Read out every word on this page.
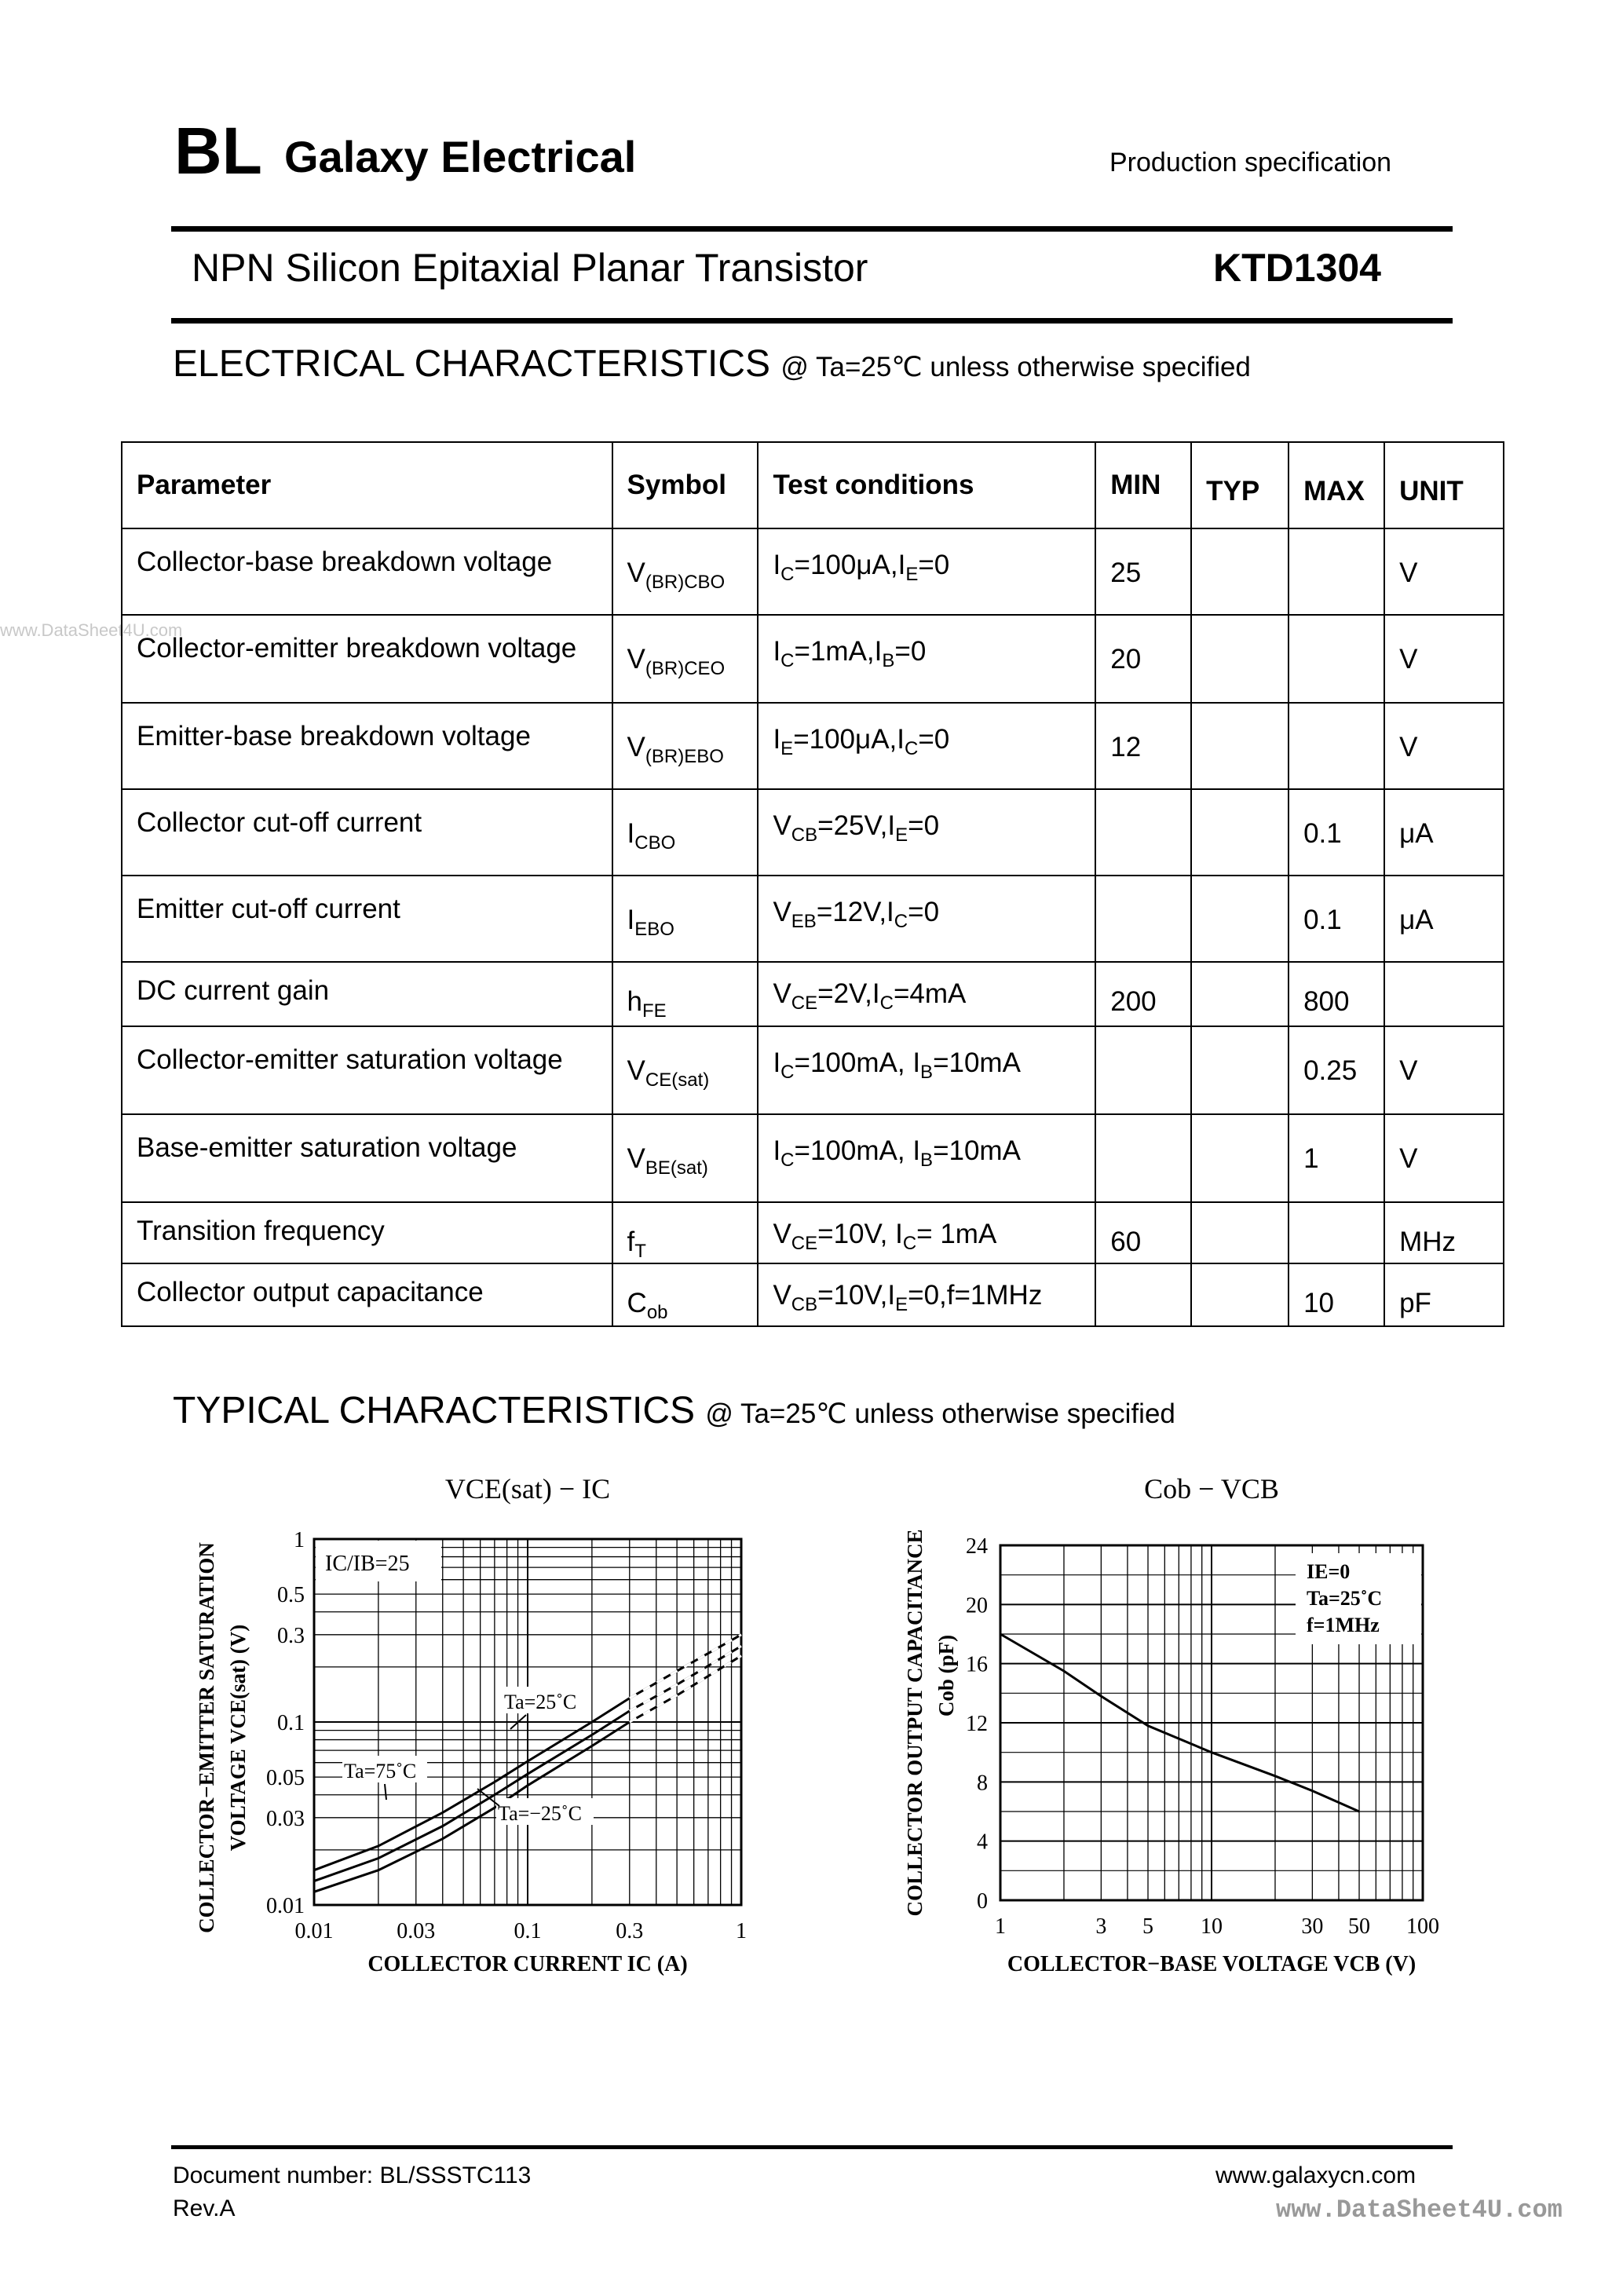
BL Galaxy Electrical	Production specification
NPN Silicon Epitaxial Planar Transistor	KTD1304
ELECTRICAL CHARACTERISTICS @ Ta=25℃ unless otherwise specified
www.DataSheet4U.com
Parameter	Symbol	Test conditions	MIN	TYP	MAX	UNIT
Collector-base breakdown voltage	$V_{(BR)CBO}$	$I_C=100\mu A,I_E=0$	25			V
Collector-emitter breakdown voltage	$V_{(BR)CEO}$	$I_C=1mA,I_B=0$	20			V
Emitter-base breakdown voltage	$V_{(BR)EBO}$	$I_E=100\mu A,I_C=0$	12			V
Collector cut-off current	$I_{CBO}$	$V_{CB}=25V,I_E=0$			0.1	μA
Emitter cut-off current	$I_{EBO}$	$V_{EB}=12V,I_C=0$			0.1	μA
DC current gain	$h_{FE}$	$V_{CE}=2V,I_C=4mA$	200		800	
Collector-emitter saturation voltage	$V_{CE(sat)}$	$I_C=100mA$, $I_B=10mA$			0.25	V
Base-emitter saturation voltage	$V_{BE(sat)}$	$I_C=100mA$, $I_B=10mA$			1	V
Transition frequency	$f_T$	$V_{CE}=10V$, $I_C= 1mA$	60			MHz
Collector output capacitance	$C_{ob}$	$V_{CB}=10V,I_E=0,f=1MHz$			10	pF
TYPICAL CHARACTERISTICS @ Ta=25℃ unless otherwise specified
IC/IB=25
Ta=25˚C
Ta=75˚C
Ta=−25˚C
0.01	0.03	0.1	0.3	1
0.01
0.03
0.05
0.1
0.3
0.5
1
VCE(sat) − IC
COLLECTOR CURRENT IC (A)
COLLECTOR−EMITTER SATURATION VOLTAGE VCE(sat) (V)
IE=0
Ta=25˚C
f=1MHz
1	3 5 10	30 50 100
0
4
8
12
16
20
24
Cob − VCB
COLLECTOR−BASE VOLTAGE VCB (V)
COLLECTOR OUTPUT CAPACITANCE Cob (pF)
Document number: BL/SSSTC113
Rev.A
www.galaxycn.com
www.DataSheet4U.com
